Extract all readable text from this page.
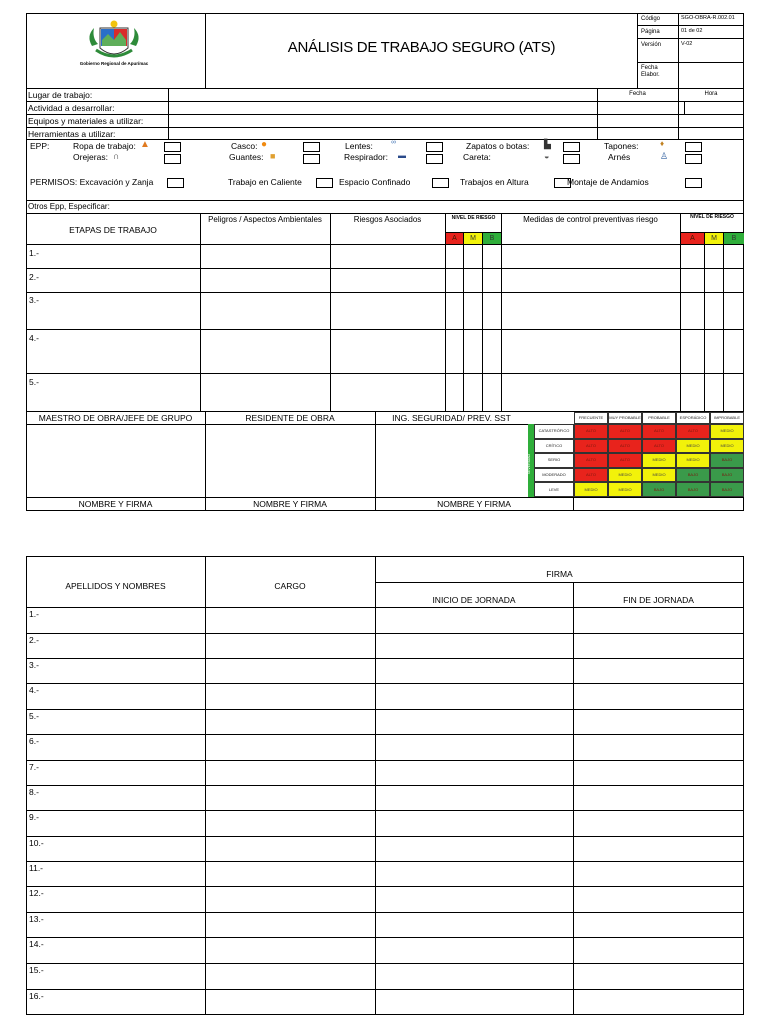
Gobierno Regional de Apurímac
ANÁLISIS DE TRABAJO SEGURO (ATS)
Código	SGO-OBRA-R.002.01
Página	01 de 02
Versión	V-02
Fecha Elabor.
Lugar de trabajo:
Actividad a desarrollar:
Equipos y materiales a utilizar:
Herramientas a utilizar:
Fecha	Hora
EPP:	Ropa de trabajo: ▲
Orejeras: ∩
Casco: ●
Guantes: ■
Lentes:	∞
Respirador: ▬
Zapatos o botas: ▙
Careta:	◒
Tapones:	♦
Arnés	♙
PERMISOS: Excavación y Zanja	Trabajo en Caliente	Espacio Confinado	Trabajos en Altura	Montaje de Andamios
Otros Epp, Especificar:
ETAPAS DE TRABAJO
Peligros / Aspectos Ambientales	Riesgos Asociados	NIVEL DE RIESGO	Medidas de control preventivas riesgo	NIVEL DE RIESGO
A	M	B	A	M	B
1.-
2.-
3.-
4.-
5.-
MAESTRO DE OBRA/JEFE DE GRUPO	RESIDENTE DE OBRA	ING. SEGURIDAD/ PREV. SST
NOMBRE Y FIRMA	NOMBRE Y FIRMA	NOMBRE Y FIRMA
FRECUENTE	MUY PROBABLE	PROBABLE	ESPORÁDICO	IMPROBABLE
SEVERIDAD
CATASTRÓFICO	ALTO	ALTO	ALTO	ALTO	MEDIO
CRÍTICO	ALTO	ALTO	ALTO	MEDIO	MEDIO
SERIO	ALTO	ALTO	MEDIO	MEDIO	BAJO
MODERADO	ALTO	MEDIO	MEDIO	BAJO	BAJO
LEVE	MEDIO	MEDIO	BAJO	BAJO	BAJO
APELLIDOS Y NOMBRES	CARGO
FIRMA
INICIO DE JORNADA	FIN DE JORNADA
1.-
2.-
3.-
4.-
5.-
6.-
7.-
8.-
9.-
10.-
11.-
12.-
13.-
14.-
15.-
16.-
